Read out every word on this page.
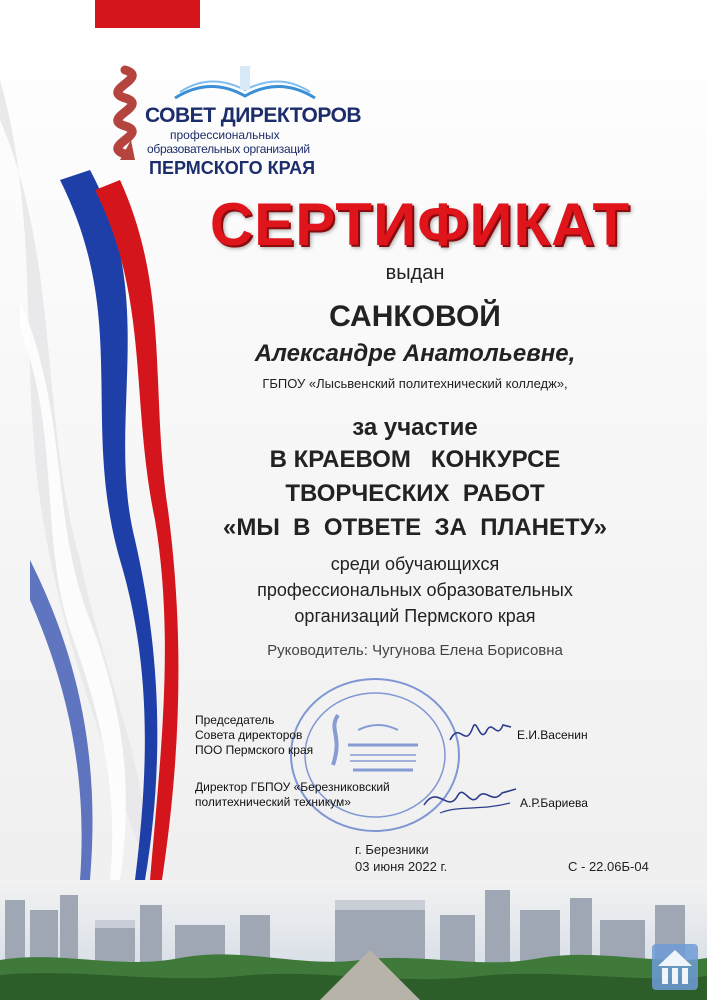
СОВЕТ ДИРЕКТОРОВ
профессиональных
образовательных организаций
ПЕРМСКОГО КРАЯ
СЕРТИФИКАТ
выдан
САНКОВОЙ
Александре Анатольевне,
ГБПОУ «Лысьвенский политехнический колледж»,
за участие
В КРАЕВОМ   КОНКУРСЕ
ТВОРЧЕСКИХ  РАБОТ
«МЫ  В  ОТВЕТЕ  ЗА  ПЛАНЕТУ»
среди обучающихся
профессиональных образовательных
организаций Пермского края
Руководитель: Чугунова Елена Борисовна
Председатель
Совета директоров
ПОО Пермского края
Е.И.Васенин
Директор ГБПОУ «Березниковский
политехнический техникум»	А.Р.Бариева
г. Березники
03 июня 2022 г.	С - 22.06Б-04
